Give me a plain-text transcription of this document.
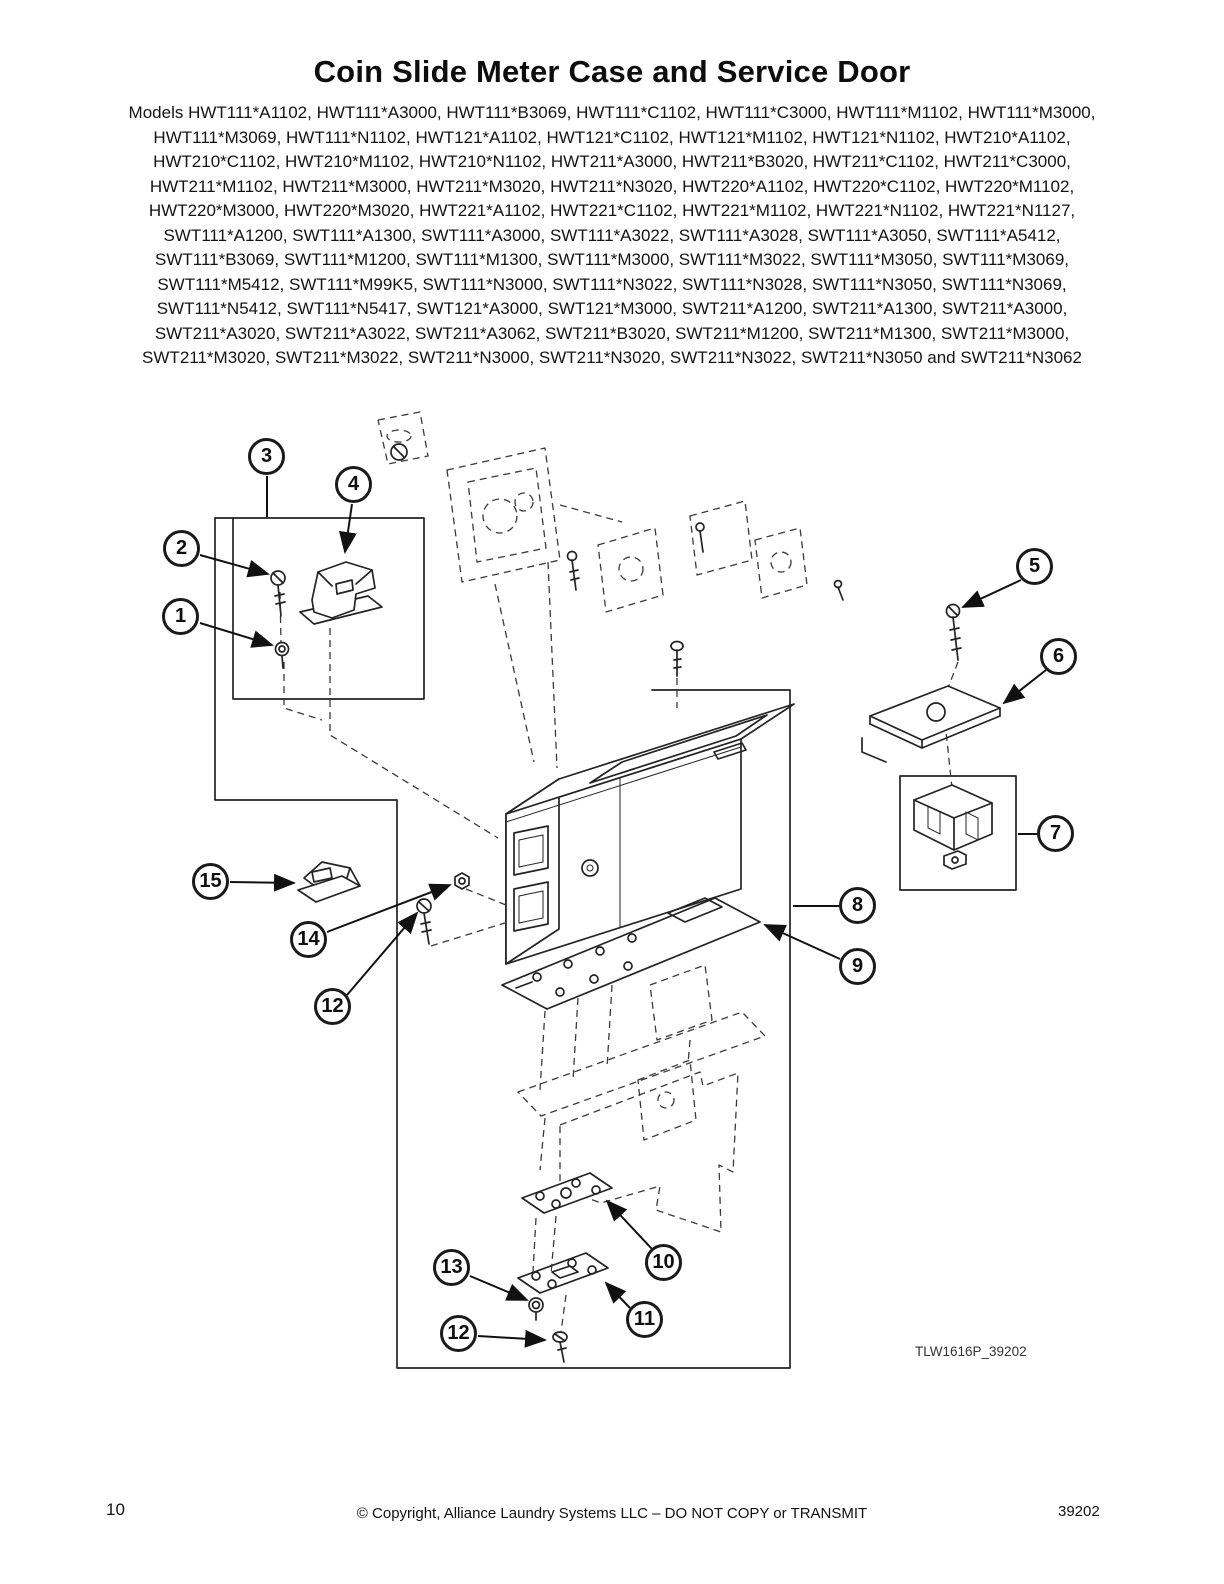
Coin Slide Meter Case and Service Door

Models HWT111*A1102, HWT111*A3000, HWT111*B3069, HWT111*C1102, HWT111*C3000, HWT111*M1102, HWT111*M3000, HWT111*M3069, HWT111*N1102, HWT121*A1102, HWT121*C1102, HWT121*M1102, HWT121*N1102, HWT210*A1102, HWT210*C1102, HWT210*M1102, HWT210*N1102, HWT211*A3000, HWT211*B3020, HWT211*C1102, HWT211*C3000, HWT211*M1102, HWT211*M3000, HWT211*M3020, HWT211*N3020, HWT220*A1102, HWT220*C1102, HWT220*M1102, HWT220*M3000, HWT220*M3020, HWT221*A1102, HWT221*C1102, HWT221*M1102, HWT221*N1102, HWT221*N1127, SWT111*A1200, SWT111*A1300, SWT111*A3000, SWT111*A3022, SWT111*A3028, SWT111*A3050, SWT111*A5412, SWT111*B3069, SWT111*M1200, SWT111*M1300, SWT111*M3000, SWT111*M3022, SWT111*M3050, SWT111*M3069, SWT111*M5412, SWT111*M99K5, SWT111*N3000, SWT111*N3022, SWT111*N3028, SWT111*N3050, SWT111*N3069, SWT111*N5412, SWT111*N5417, SWT121*A3000, SWT121*M3000, SWT211*A1200, SWT211*A1300, SWT211*A3000, SWT211*A3020, SWT211*A3022, SWT211*A3062, SWT211*B3020, SWT211*M1200, SWT211*M1300, SWT211*M3000, SWT211*M3020, SWT211*M3022, SWT211*N3000, SWT211*N3020, SWT211*N3022, SWT211*N3050 and SWT211*N3062

3
4
2
1
5
6
7
15
14
12
8
9
10
13
11
12
TLW1616P_39202
10	© Copyright, Alliance Laundry Systems LLC – DO NOT COPY or TRANSMIT	39202
